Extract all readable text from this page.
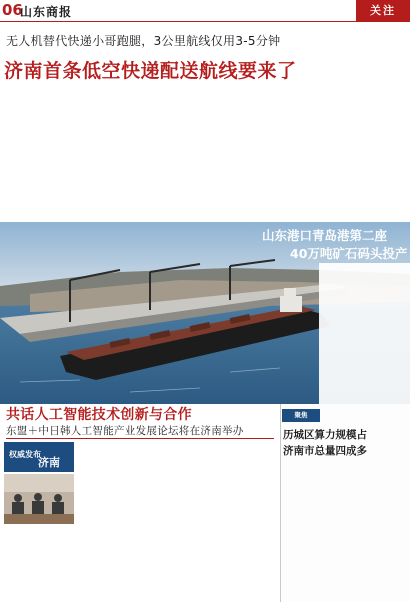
06
山东商报	关注
无人机替代快递小哥跑腿，3公里航线仅用3-5分钟
济南首条低空快递配送航线要来了
山东港口青岛港第二座
40万吨矿石码头投产
共话人工智能技术创新与合作
东盟＋中日韩人工智能产业发展论坛将在济南举办
权威发布
济南
聚焦
历城区算力规模占
济南市总量四成多
